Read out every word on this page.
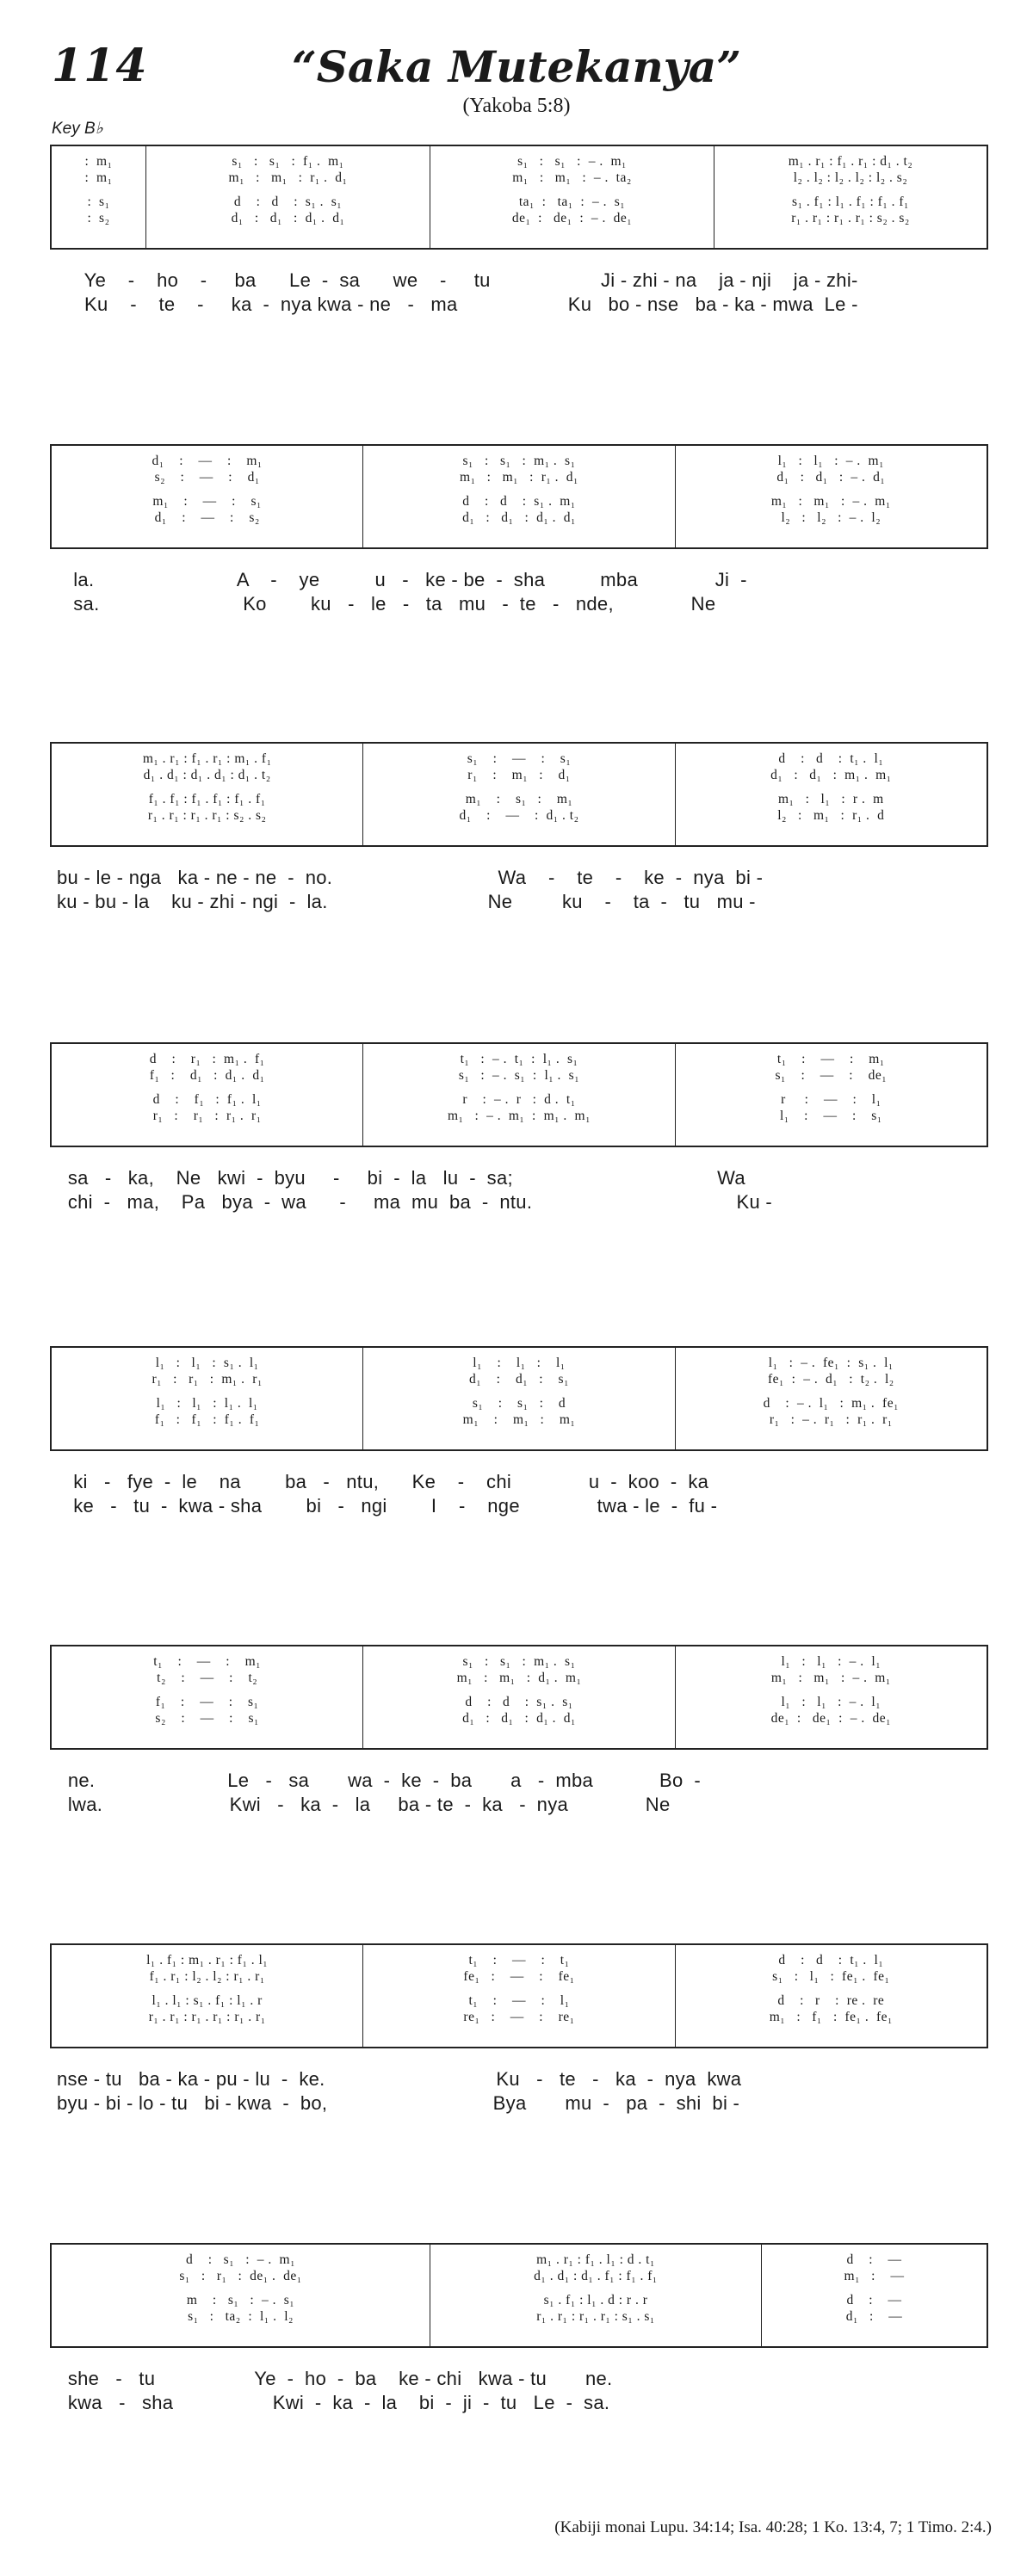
114	“Saka Mutekanya”
(Yakoba 5:8)
Key B♭
:  m₁
:  m₁
:  s₁
:  s₂
s₁   :   s₁   :  f₁ .  m₁
m₁   :   m₁   :  r₁ .  d₁
d    :   d    :  s₁ .  s₁
d₁   :   d₁   :  d₁ .  d₁
s₁   :   s₁   :  – .  m₁
m₁   :   m₁   :  – .  ta₂
ta₁  :   ta₁  :  – .  s₁
de₁  :   de₁  :  – .  de₁
m₁ . r₁ : f₁ . r₁ : d₁ . t₂
l₂ . l₂ : l₂ . l₂ : l₂ . s₂
s₁ . f₁ : l₁ . f₁ : f₁ . f₁
r₁ . r₁ : r₁ . r₁ : s₂ . s₂
Ye    -    ho    -     ba      Le  -  sa      we    -     tu                    Ji - zhi - na    ja - nji    ja - zhi-
Ku    -    te    -     ka  -  nya kwa - ne   -   ma                    Ku   bo - nse   ba - ka - mwa  Le -
d₁    :    —    :    m₁
s₂    :    —    :    d₁
m₁    :    —    :    s₁
d₁    :    —    :    s₂
s₁   :   s₁   :  m₁ .  s₁
m₁   :   m₁   :  r₁ .  d₁
d    :   d    :  s₁ .  m₁
d₁   :   d₁   :  d₁ .  d₁
l₁   :   l₁   :  – .  m₁
d₁   :   d₁   :  – .  d₁
m₁   :   m₁   :  – .  m₁
l₂   :   l₂   :  – .  l₂
la.                          A    -    ye          u   -   ke - be  -  sha          mba              Ji  -
sa.                          Ko        ku   -   le   -   ta   mu   -  te   -   nde,              Ne
m₁ . r₁ : f₁ . r₁ : m₁ . f₁
d₁ . d₁ : d₁ . d₁ : d₁ . t₂
f₁ . f₁ : f₁ . f₁ : f₁ . f₁
r₁ . r₁ : r₁ . r₁ : s₂ . s₂
s₁    :    —    :    s₁
r₁    :    m₁   :    d₁
m₁    :    s₁   :    m₁
d₁    :    —    :  d₁ . t₂
d    :   d    :  t₁ .  l₁
d₁   :   d₁   :  m₁ .  m₁
m₁   :   l₁   :  r .  m
l₂   :   m₁   :  r₁ .  d
bu - le - nga   ka - ne - ne  -  no.                              Wa    -    te    -    ke  -  nya  bi -
ku - bu - la    ku - zhi - ngi  -  la.                             Ne         ku    -    ta  -   tu   mu -
d    :    r₁   :  m₁ .  f₁
f₁   :    d₁   :  d₁ .  d₁
d    :    f₁   :  f₁ .  l₁
r₁   :    r₁   :  r₁ .  r₁
t₁   :  – .  t₁  :  l₁ .  s₁
s₁   :  – .  s₁  :  l₁ .  s₁
r    :  – .  r   :  d .  t₁
m₁   :  – .  m₁  :  m₁ .  m₁
t₁    :    —    :    m₁
s₁    :    —    :    de₁
r     :    —    :    l₁
l₁    :    —    :    s₁
sa   -   ka,    Ne   kwi  -  byu     -     bi  -  la   lu  -  sa;                                     Wa
chi  -   ma,    Pa   bya  -  wa      -     ma  mu  ba  -  ntu.                                     Ku -
l₁   :   l₁   :  s₁ .  l₁
r₁   :   r₁   :  m₁ .  r₁
l₁   :   l₁   :  l₁ .  l₁
f₁   :   f₁   :  f₁ .  f₁
l₁    :    l₁   :    l₁
d₁    :    d₁   :    s₁
s₁    :    s₁   :    d
m₁    :    m₁   :    m₁
l₁   :  – .  fe₁  :  s₁ .  l₁
fe₁  :  – .  d₁   :  t₂ .  l₂
d    :  – .  l₁   :  m₁ .  fe₁
r₁   :  – .  r₁   :  r₁ .  r₁
ki   -   fye  -  le    na        ba   -   ntu,      Ke    -    chi              u  -  koo  -  ka
ke   -   tu  -  kwa - sha        bi   -   ngi        I    -    nge              twa - le  -  fu -
t₁    :    —    :    m₁
t₂    :    —    :    t₂
f₁    :    —    :    s₁
s₂    :    —    :    s₁
s₁   :   s₁   :  m₁ .  s₁
m₁   :   m₁   :  d₁ .  m₁
d    :   d    :  s₁ .  s₁
d₁   :   d₁   :  d₁ .  d₁
l₁   :   l₁   :  – .  l₁
m₁   :   m₁   :  – .  m₁
l₁   :   l₁   :  – .  l₁
de₁  :   de₁  :  – .  de₁
ne.                        Le   -   sa       wa  -  ke  -  ba       a   -  mba            Bo  -
lwa.                       Kwi   -   ka  -   la     ba - te  -  ka   -  nya              Ne
l₁ . f₁ : m₁ . r₁ : f₁ . l₁
f₁ . r₁ : l₂ . l₂ : r₁ . r₁
l₁ . l₁ : s₁ . f₁ : l₁ . r
r₁ . r₁ : r₁ . r₁ : r₁ . r₁
t₁    :    —    :    t₁
fe₁   :    —    :    fe₁
t₁    :    —    :    l₁
re₁   :    —    :    re₁
d    :   d    :  t₁ .  l₁
s₁   :   l₁   :  fe₁ .  fe₁
d    :   r    :  re .  re
m₁   :   f₁   :  fe₁ .  fe₁
nse - tu   ba - ka - pu - lu  -  ke.                               Ku   -   te   -   ka  -  nya  kwa
byu - bi - lo - tu   bi - kwa  -  bo,                              Bya       mu  -   pa  -  shi  bi -
d    :   s₁   :  – .  m₁
s₁   :   r₁   :  de₁ .  de₁
m    :   s₁   :  – .  s₁
s₁   :   ta₂  :  l₁ .  l₂
m₁ . r₁ : f₁ . l₁ : d . t₁
d₁ . d₁ : d₁ . f₁ : f₁ . f₁
s₁ . f₁ : l₁ . d : r . r
r₁ . r₁ : r₁ . r₁ : s₁ . s₁
d    :    —
m₁   :    —
d    :    —
d₁   :    —
she   -   tu                  Ye  -  ho  -  ba    ke - chi   kwa - tu       ne.
kwa   -   sha                  Kwi  -  ka  -  la    bi  -  ji  -  tu   Le  -  sa.
(Kabiji monai Lupu. 34:14; Isa. 40:28; 1 Ko. 13:4, 7; 1 Timo. 2:4.)
